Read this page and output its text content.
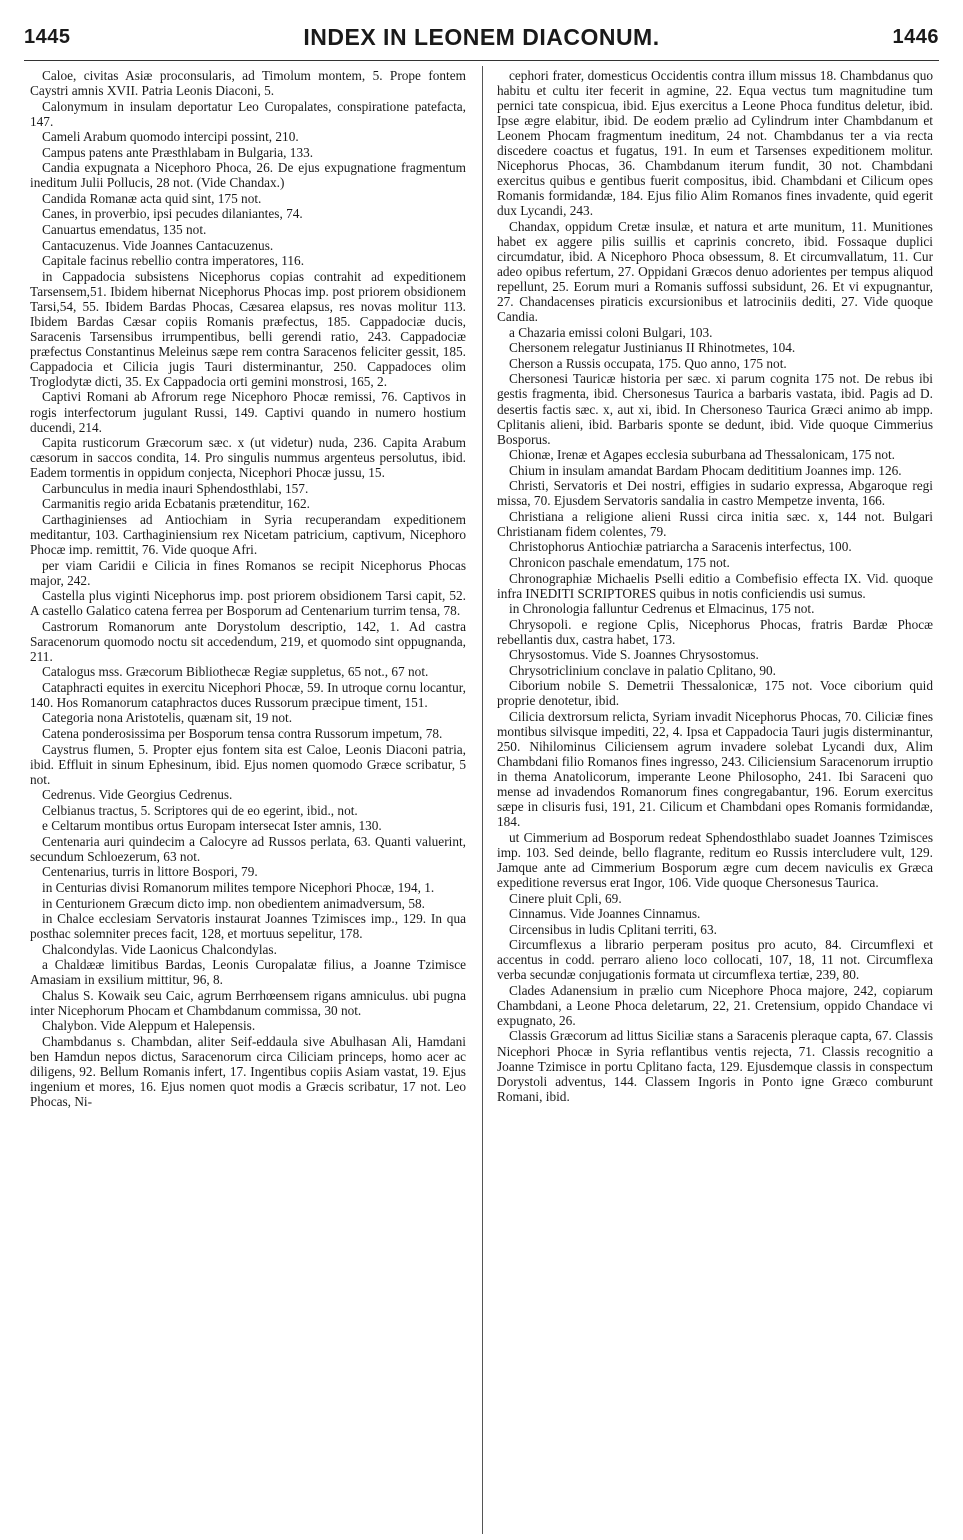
1445	INDEX IN LEONEM DIACONUM.	1446

Caloe, civitas Asiæ proconsularis, ad Timolum montem, 5. Prope fontem Caystri amnis XVII. Patria Leonis Diaconi, 5.

Calonymum in insulam deportatur Leo Curopalates, conspiratione patefacta, 147.

Cameli Arabum quomodo intercipi possint, 210.

Campus patens ante Præsthlabam in Bulgaria, 133.

Candia expugnata a Nicephoro Phoca, 26. De ejus expugnatione fragmentum ineditum Julii Pollucis, 28 not. (Vide Chandax.)

Candida Romanæ acta quid sint, 175 not.

Canes, in proverbio, ipsi pecudes dilaniantes, 74.

Canuartus emendatus, 135 not.

Cantacuzenus. Vide Joannes Cantacuzenus.

Capitale facinus rebellio contra imperatores, 116.

in Cappadocia subsistens Nicephorus copias contrahit ad expeditionem Tarsensem,51. Ibidem hibernat Nicephorus Phocas imp. post priorem obsidionem Tarsi,54, 55. Ibidem Bardas Phocas, Cæsarea elapsus, res novas molitur 113. Ibidem Bardas Cæsar copiis Romanis præfectus, 185. Cappadociæ ducis, Saracenis Tarsensibus irrumpentibus, belli gerendi ratio, 243. Cappadociæ præfectus Constantinus Meleinus sæpe rem contra Saracenos feliciter gessit, 185. Cappadocia et Cilicia jugis Tauri disterminantur, 250. Cappadoces olim Troglodytæ dicti, 35. Ex Cappadocia orti gemini monstrosi, 165, 2.

Captivi Romani ab Afrorum rege Nicephoro Phocæ remissi, 76. Captivos in rogis interfectorum jugulant Russi, 149. Captivi quando in numero hostium ducendi, 214.

Capita rusticorum Græcorum sæc. x (ut videtur) nuda, 236. Capita Arabum cæsorum in saccos condita, 14. Pro singulis nummus argenteus persolutus, ibid. Eadem tormentis in oppidum conjecta, Nicephori Phocæ jussu, 15.

Carbunculus in media inauri Sphendosthlabi, 157.

Carmanitis regio arida Ecbatanis prætenditur, 162.

Carthaginienses ad Antiochiam in Syria recuperandam expeditionem meditantur, 103. Carthaginiensium rex Nicetam patricium, captivum, Nicephoro Phocæ imp. remittit, 76. Vide quoque Afri.

per viam Caridii e Cilicia in fines Romanos se recipit Nicephorus Phocas major, 242.

Castella plus viginti Nicephorus imp. post priorem obsidionem Tarsi capit, 52. A castello Galatico catena ferrea per Bosporum ad Centenarium turrim tensa, 78.

Castrorum Romanorum ante Dorystolum descriptio, 142, 1. Ad castra Saracenorum quomodo noctu sit accedendum, 219, et quomodo sint oppugnanda, 211.

Catalogus mss. Græcorum Bibliothecæ Regiæ suppletus, 65 not., 67 not.

Cataphracti equites in exercitu Nicephori Phocæ, 59. In utroque cornu locantur, 140. Hos Romanorum cataphractos duces Russorum præcipue timent, 151.

Categoria nona Aristotelis, quænam sit, 19 not.

Catena ponderosissima per Bosporum tensa contra Russorum impetum, 78.

Caystrus flumen, 5. Propter ejus fontem sita est Caloe, Leonis Diaconi patria, ibid. Effluit in sinum Ephesinum, ibid. Ejus nomen quomodo Græce scribatur, 5 not.

Cedrenus. Vide Georgius Cedrenus.

Celbianus tractus, 5. Scriptores qui de eo egerint, ibid., not.

e Celtarum montibus ortus Europam intersecat Ister amnis, 130.

Centenaria auri quindecim a Calocyre ad Russos perlata, 63. Quanti valuerint, secundum Schloezerum, 63 not.

Centenarius, turris in littore Bospori, 79.

in Centurias divisi Romanorum milites tempore Nicephori Phocæ, 194, 1.

in Centurionem Græcum dicto imp. non obedientem animadversum, 58.

in Chalce ecclesiam Servatoris instaurat Joannes Tzimisces imp., 129. In qua posthac solemniter preces facit, 128, et mortuus sepelitur, 178.

Chalcondylas. Vide Laonicus Chalcondylas.

a Chaldææ limitibus Bardas, Leonis Curopalatæ filius, a Joanne Tzimisce Amasiam in exsilium mittitur, 96, 8.

Chalus S. Kowaik seu Caic, agrum Berrhœensem rigans amniculus. ubi pugna inter Nicephorum Phocam et Chambdanum commissa, 30 not.

Chalybon. Vide Aleppum et Halepensis.

Chambdanus s. Chambdan, aliter Seif-eddaula sive Abulhasan Ali, Hamdani ben Hamdun nepos dictus, Saracenorum circa Ciliciam princeps, homo acer ac diligens, 92. Bellum Romanis infert, 17. Ingentibus copiis Asiam vastat, 19. Ejus ingenium et mores, 16. Ejus nomen quot modis a Græcis scribatur, 17 not. Leo Phocas, Ni-

cephori frater, domesticus Occidentis contra illum missus 18. Chambdanus quo habitu et cultu iter fecerit in agmine, 22. Equa vectus tum magnitudine tum pernici tate conspicua, ibid. Ejus exercitus a Leone Phoca funditus deletur, ibid. Ipse ægre elabitur, ibid. De eodem prælio ad Cylindrum inter Chambdanum et Leonem Phocam fragmentum ineditum, 24 not. Chambdanus ter a via recta discedere coactus et fugatus, 191. In eum et Tarsenses expeditionem molitur. Nicephorus Phocas, 36. Chambdanum iterum fundit, 30 not. Chambdani exercitus quibus e gentibus fuerit compositus, ibid. Chambdani et Cilicum opes Romanis formidandæ, 184. Ejus filio Alim Romanos fines invadente, quid egerit dux Lycandi, 243.

Chandax, oppidum Cretæ insulæ, et natura et arte munitum, 11. Munitiones habet ex aggere pilis suillis et caprinis concreto, ibid. Fossaque duplici circumdatur, ibid. A Nicephoro Phoca obsessum, 8. Et circumvallatum, 11. Cur adeo opibus refertum, 27. Oppidani Græcos denuo adorientes per tempus aliquod repellunt, 25. Eorum muri a Romanis suffossi subsidunt, 26. Et vi expugnantur, 27. Chandacenses piraticis excursionibus et latrociniis dediti, 27. Vide quoque Candia.

a Chazaria emissi coloni Bulgari, 103.

Chersonem relegatur Justinianus II Rhinotmetes, 104.

Cherson a Russis occupata, 175. Quo anno, 175 not.

Chersonesi Tauricæ historia per sæc. xi parum cognita 175 not. De rebus ibi gestis fragmenta, ibid. Chersonesus Taurica a barbaris vastata, ibid. Pagis ad D. desertis factis sæc. x, aut xi, ibid. In Chersoneso Taurica Græci animo ab impp. Cplitanis alieni, ibid. Barbaris sponte se dedunt, ibid. Vide quoque Cimmerius Bosporus.

Chionæ, Irenæ et Agapes ecclesia suburbana ad Thessalonicam, 175 not.

Chium in insulam amandat Bardam Phocam dedititium Joannes imp. 126.

Christi, Servatoris et Dei nostri, effigies in sudario expressa, Abgaroque regi missa, 70. Ejusdem Servatoris sandalia in castro Mempetze inventa, 166.

Christiana a religione alieni Russi circa initia sæc. x, 144 not. Bulgari Christianam fidem colentes, 79.

Christophorus Antiochiæ patriarcha a Saracenis interfectus, 100.

Chronicon paschale emendatum, 175 not.

Chronographiæ Michaelis Pselli editio a Combefisio effecta IX. Vid. quoque infra INEDITI SCRIPTORES quibus in notis conficiendis usi sumus.

in Chronologia falluntur Cedrenus et Elmacinus, 175 not.

Chrysopoli. e regione Cplis, Nicephorus Phocas, fratris Bardæ Phocæ rebellantis dux, castra habet, 173.

Chrysostomus. Vide S. Joannes Chrysostomus.

Chrysotriclinium conclave in palatio Cplitano, 90.

Ciborium nobile S. Demetrii Thessalonicæ, 175 not. Voce ciborium quid proprie denotetur, ibid.

Cilicia dextrorsum relicta, Syriam invadit Nicephorus Phocas, 70. Ciliciæ fines montibus silvisque impediti, 22, 4. Ipsa et Cappadocia Tauri jugis disterminantur, 250. Nihilominus Ciliciensem agrum invadere solebat Lycandi dux, Alim Chambdani filio Romanos fines ingresso, 243. Ciliciensium Saracenorum irruptio in thema Anatolicorum, imperante Leone Philosopho, 241. Ibi Saraceni quo mense ad invadendos Romanorum fines congregabantur, 196. Eorum exercitus sæpe in clisuris fusi, 191, 21. Cilicum et Chambdani opes Romanis formidandæ, 184.

ut Cimmerium ad Bosporum redeat Sphendosthlabo suadet Joannes Tzimisces imp. 103. Sed deinde, bello flagrante, reditum eo Russis intercludere vult, 129. Jamque ante ad Cimmerium Bosporum ægre cum decem naviculis ex Græca expeditione reversus erat Ingor, 106. Vide quoque Chersonesus Taurica.

Cinere pluit Cpli, 69.

Cinnamus. Vide Joannes Cinnamus.

Circensibus in ludis Cplitani territi, 63.

Circumflexus a librario perperam positus pro acuto, 84. Circumflexi et accentus in codd. perraro alieno loco collocati, 107, 18, 11 not. Circumflexa verba secundæ conjugationis formata ut circumflexa tertiæ, 239, 80.

Clades Adanensium in prælio cum Nicephore Phoca majore, 242, copiarum Chambdani, a Leone Phoca deletarum, 22, 21. Cretensium, oppido Chandace vi expugnato, 26.

Classis Græcorum ad littus Siciliæ stans a Saracenis pleraque capta, 67. Classis Nicephori Phocæ in Syria reflantibus ventis rejecta, 71. Classis recognitio a Joanne Tzimisce in portu Cplitano facta, 129. Ejusdemque classis in conspectum Dorystoli adventus, 144. Classem Ingoris in Ponto igne Græco comburunt Romani, ibid.
